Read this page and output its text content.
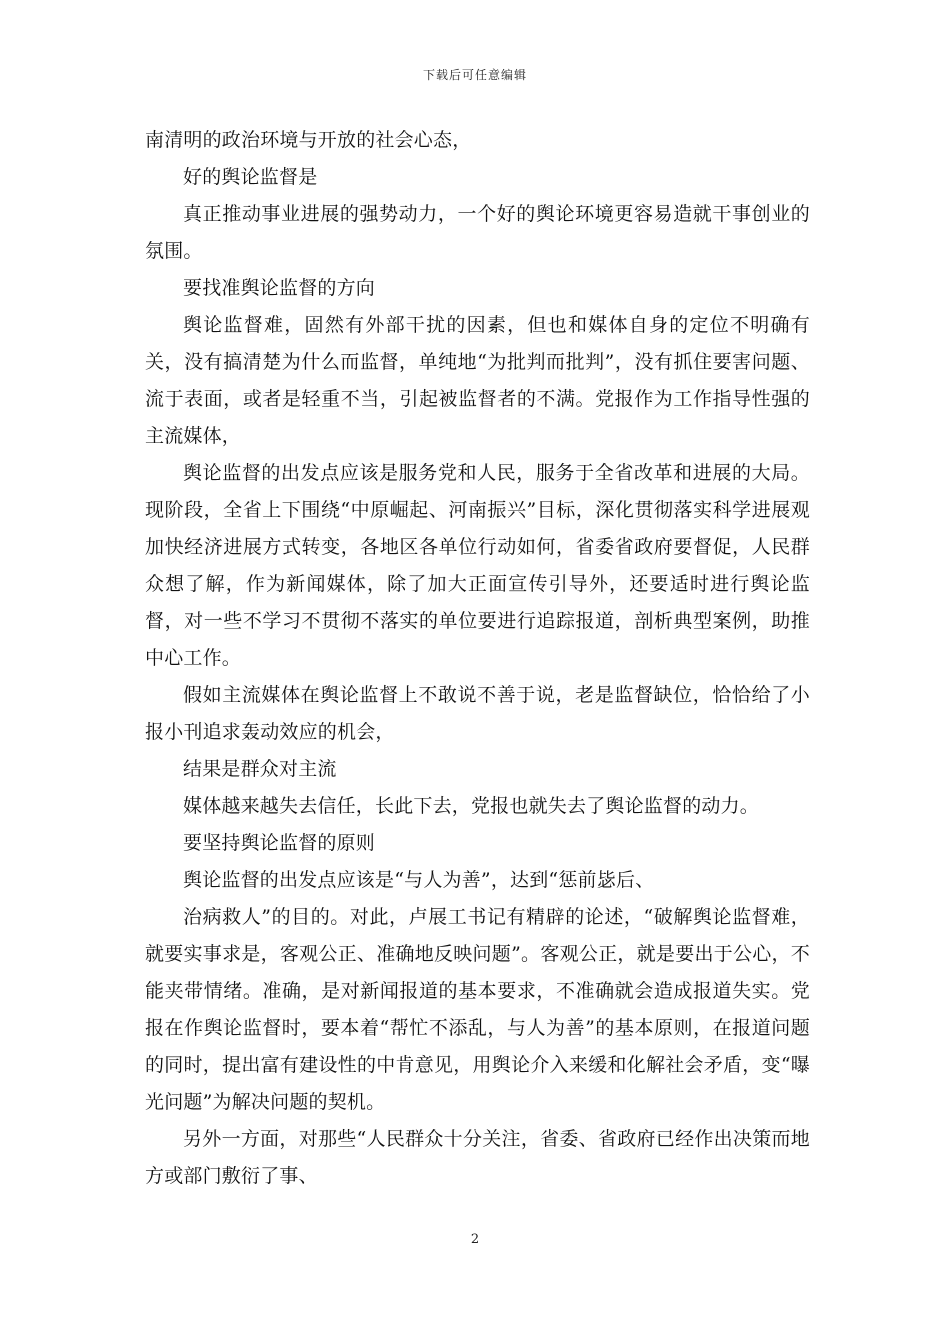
下载后可任意编辑

南清明的政治环境与开放的社会心态，

好的舆论监督是

真正推动事业进展的强势动力，一个好的舆论环境更容易造就干事创业的氛围。

要找准舆论监督的方向

舆论监督难，固然有外部干扰的因素，但也和媒体自身的定位不明确有关，没有搞清楚为什么而监督，单纯地“为批判而批判”，没有抓住要害问题、流于表面，或者是轻重不当，引起被监督者的不满。党报作为工作指导性强的主流媒体，

舆论监督的出发点应该是服务党和人民，服务于全省改革和进展的大局。现阶段，全省上下围绕“中原崛起、河南振兴”目标，深化贯彻落实科学进展观加快经济进展方式转变，各地区各单位行动如何，省委省政府要督促，人民群众想了解，作为新闻媒体，除了加大正面宣传引导外，还要适时进行舆论监督，对一些不学习不贯彻不落实的单位要进行追踪报道，剖析典型案例，助推中心工作。

假如主流媒体在舆论监督上不敢说不善于说，老是监督缺位，恰恰给了小报小刊追求轰动效应的机会，

结果是群众对主流

媒体越来越失去信任，长此下去，党报也就失去了舆论监督的动力。

要坚持舆论监督的原则

舆论监督的出发点应该是“与人为善”，达到“惩前毖后、

治病救人”的目的。对此，卢展工书记有精辟的论述，“破解舆论监督难，就要实事求是，客观公正、准确地反映问题”。客观公正，就是要出于公心，不能夹带情绪。准确，是对新闻报道的基本要求，不准确就会造成报道失实。党报在作舆论监督时，要本着“帮忙不添乱，与人为善”的基本原则，在报道问题的同时，提出富有建设性的中肯意见，用舆论介入来缓和化解社会矛盾，变“曝光问题”为解决问题的契机。

另外一方面，对那些“人民群众十分关注，省委、省政府已经作出决策而地方或部门敷衍了事、

2
